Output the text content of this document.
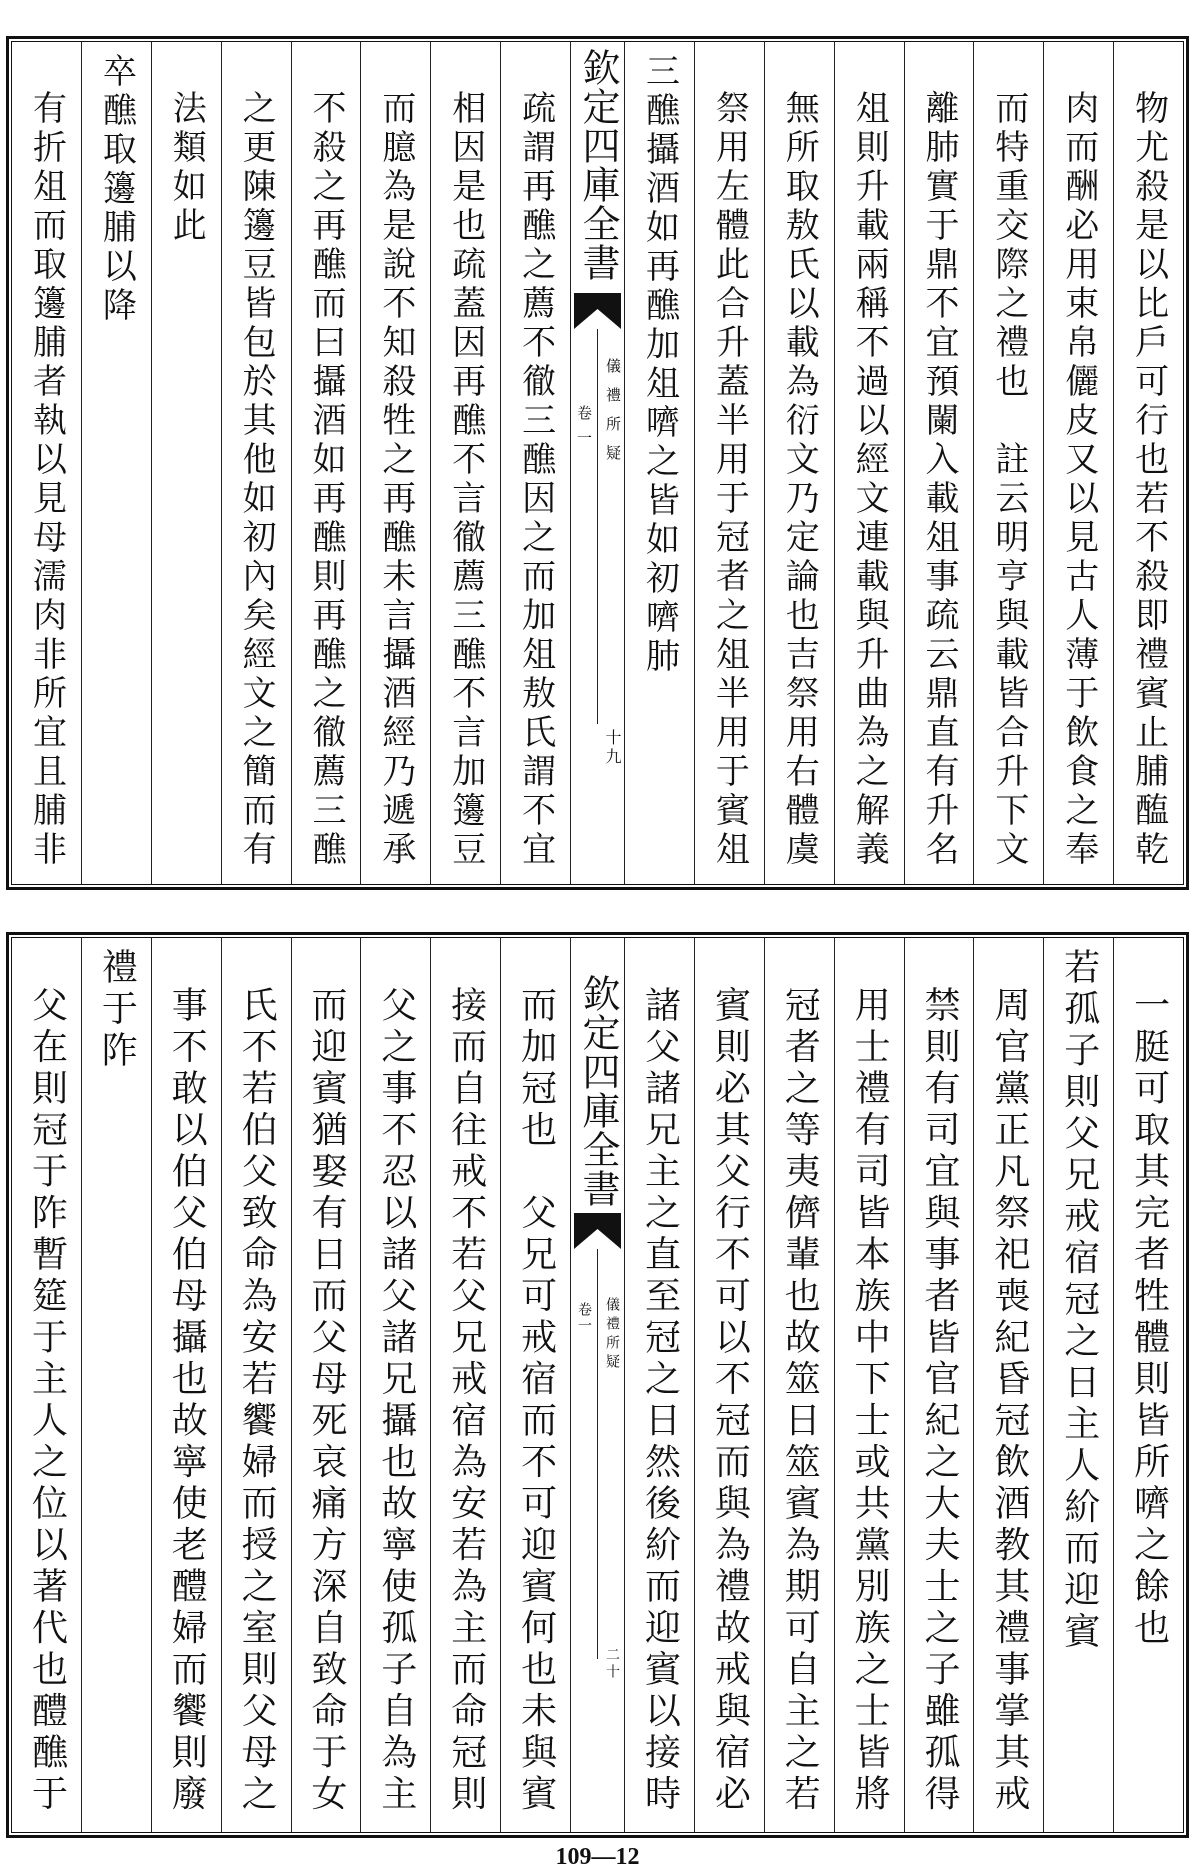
物尤殺是以比戶可行也若不殺即禮賓止脯醢乾
肉而酬必用束帛儷皮又以見古人薄于飲食之奉
而特重交際之禮也　註云明亨與載皆合升下文
離肺實于鼎不宜預闌入載俎事疏云鼎直有升名
俎則升載兩稱不過以經文連載與升曲為之解義
無所取敖氏以載為衍文乃定論也吉祭用右體虞
祭用左體此合升蓋半用于冠者之俎半用于賓俎
三醮攝酒如再醮加俎嚌之皆如初嚌肺
欽定四庫全書
儀禮所疑
卷一
十九
疏謂再醮之薦不徹三醮因之而加俎敖氏謂不宜
相因是也疏蓋因再醮不言徹薦三醮不言加籩豆
而臆為是說不知殺牲之再醮未言攝酒經乃遞承
不殺之再醮而曰攝酒如再醮則再醮之徹薦三醮
之更陳籩豆皆包於其他如初內矣經文之簡而有
法類如此
卒醮取籩脯以降
有折俎而取籩脯者執以見母濡肉非所宜且脯非
一脡可取其完者牲體則皆所嚌之餘也
若孤子則父兄戒宿冠之日主人紒而迎賓
周官黨正凡祭祀喪紀昏冠飲酒教其禮事掌其戒
禁則有司宜與事者皆官紀之大夫士之子雖孤得
用士禮有司皆本族中下士或共黨別族之士皆將
冠者之等夷儕輩也故筮日筮賓為期可自主之若
賓則必其父行不可以不冠而與為禮故戒與宿必
諸父諸兄主之直至冠之日然後紒而迎賓以接時
欽定四庫全書
儀禮所疑
卷一
二十
而加冠也　父兄可戒宿而不可迎賓何也未與賓
接而自往戒不若父兄戒宿為安若為主而命冠則
父之事不忍以諸父諸兄攝也故寧使孤子自為主
而迎賓猶娶有日而父母死哀痛方深自致命于女
氏不若伯父致命為安若饗婦而授之室則父母之
事不敢以伯父伯母攝也故寧使老醴婦而饗則廢
禮于阼
父在則冠于阼暫筵于主人之位以著代也醴醮于
109—12
